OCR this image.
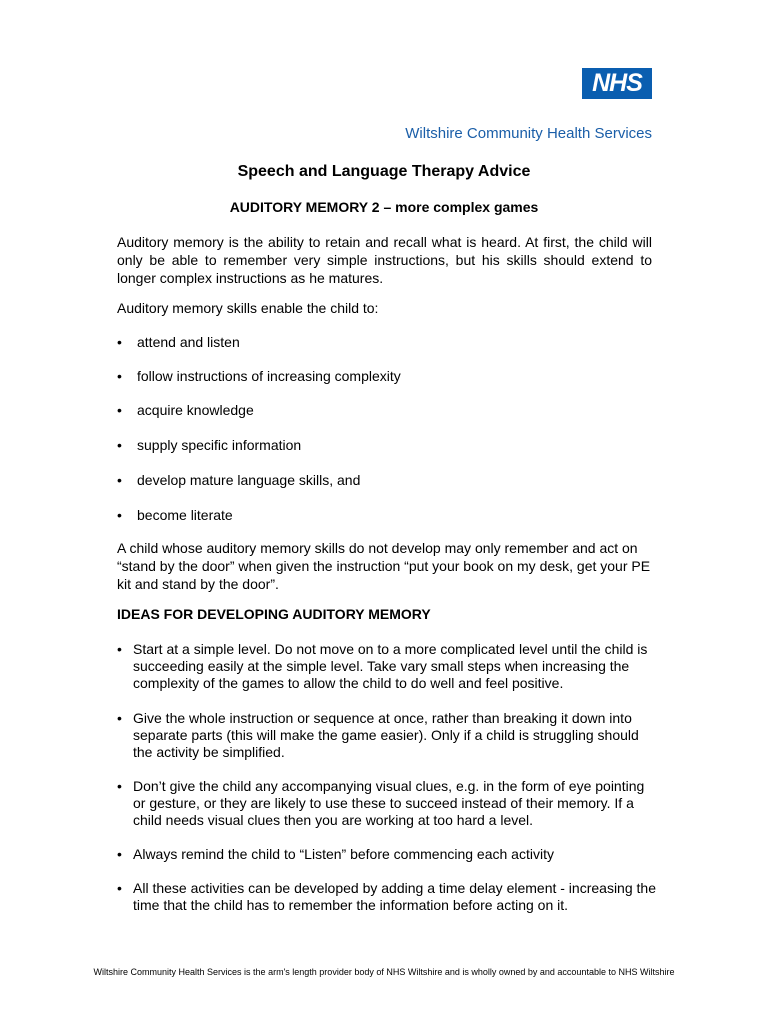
NHS
Wiltshire Community Health Services
Speech and Language Therapy Advice
AUDITORY MEMORY 2 – more complex games
Auditory memory is the ability to retain and recall what is heard. At first, the child will only be able to remember very simple instructions, but his skills should extend to longer complex instructions as he matures.
Auditory memory skills enable the child to:
• attend and listen
• follow instructions of increasing complexity
• acquire knowledge
• supply specific information
• develop mature language skills, and
• become literate
A child whose auditory memory skills do not develop may only remember and act on “stand by the door” when given the instruction “put your book on my desk, get your PE kit and stand by the door”.
IDEAS FOR DEVELOPING AUDITORY MEMORY
• Start at a simple level. Do not move on to a more complicated level until the child is succeeding easily at the simple level. Take vary small steps when increasing the complexity of the games to allow the child to do well and feel positive.
• Give the whole instruction or sequence at once, rather than breaking it down into separate parts (this will make the game easier). Only if a child is struggling should the activity be simplified.
• Don’t give the child any accompanying visual clues, e.g. in the form of eye pointing or gesture, or they are likely to use these to succeed instead of their memory. If a child needs visual clues then you are working at too hard a level.
• Always remind the child to “Listen” before commencing each activity
• All these activities can be developed by adding a time delay element - increasing the time that the child has to remember the information before acting on it.
Wiltshire Community Health Services is the arm's length provider body of NHS Wiltshire and is wholly owned by and accountable to NHS Wiltshire
